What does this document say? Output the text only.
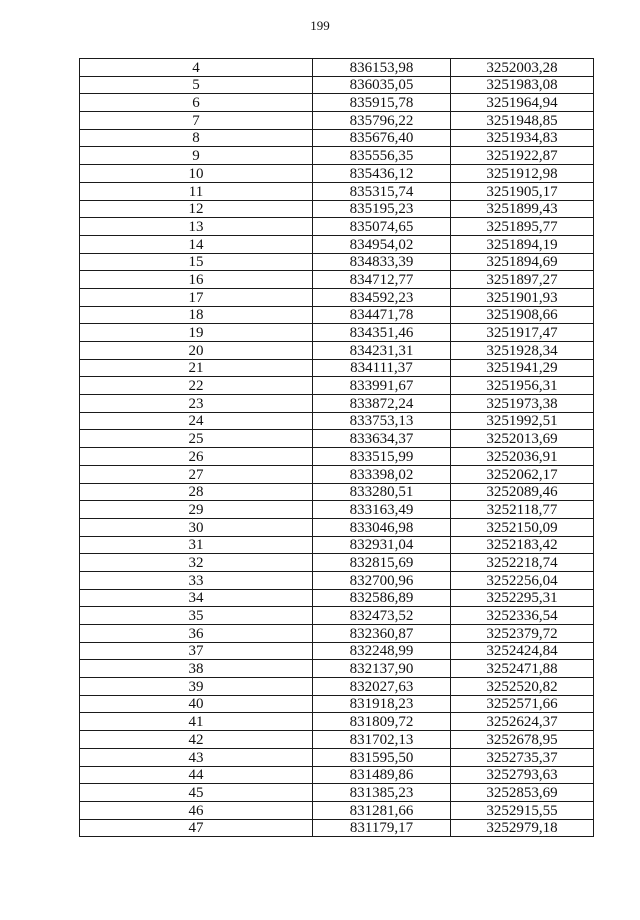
199
4	836153,98	3252003,28
5	836035,05	3251983,08
6	835915,78	3251964,94
7	835796,22	3251948,85
8	835676,40	3251934,83
9	835556,35	3251922,87
10	835436,12	3251912,98
11	835315,74	3251905,17
12	835195,23	3251899,43
13	835074,65	3251895,77
14	834954,02	3251894,19
15	834833,39	3251894,69
16	834712,77	3251897,27
17	834592,23	3251901,93
18	834471,78	3251908,66
19	834351,46	3251917,47
20	834231,31	3251928,34
21	834111,37	3251941,29
22	833991,67	3251956,31
23	833872,24	3251973,38
24	833753,13	3251992,51
25	833634,37	3252013,69
26	833515,99	3252036,91
27	833398,02	3252062,17
28	833280,51	3252089,46
29	833163,49	3252118,77
30	833046,98	3252150,09
31	832931,04	3252183,42
32	832815,69	3252218,74
33	832700,96	3252256,04
34	832586,89	3252295,31
35	832473,52	3252336,54
36	832360,87	3252379,72
37	832248,99	3252424,84
38	832137,90	3252471,88
39	832027,63	3252520,82
40	831918,23	3252571,66
41	831809,72	3252624,37
42	831702,13	3252678,95
43	831595,50	3252735,37
44	831489,86	3252793,63
45	831385,23	3252853,69
46	831281,66	3252915,55
47	831179,17	3252979,18
